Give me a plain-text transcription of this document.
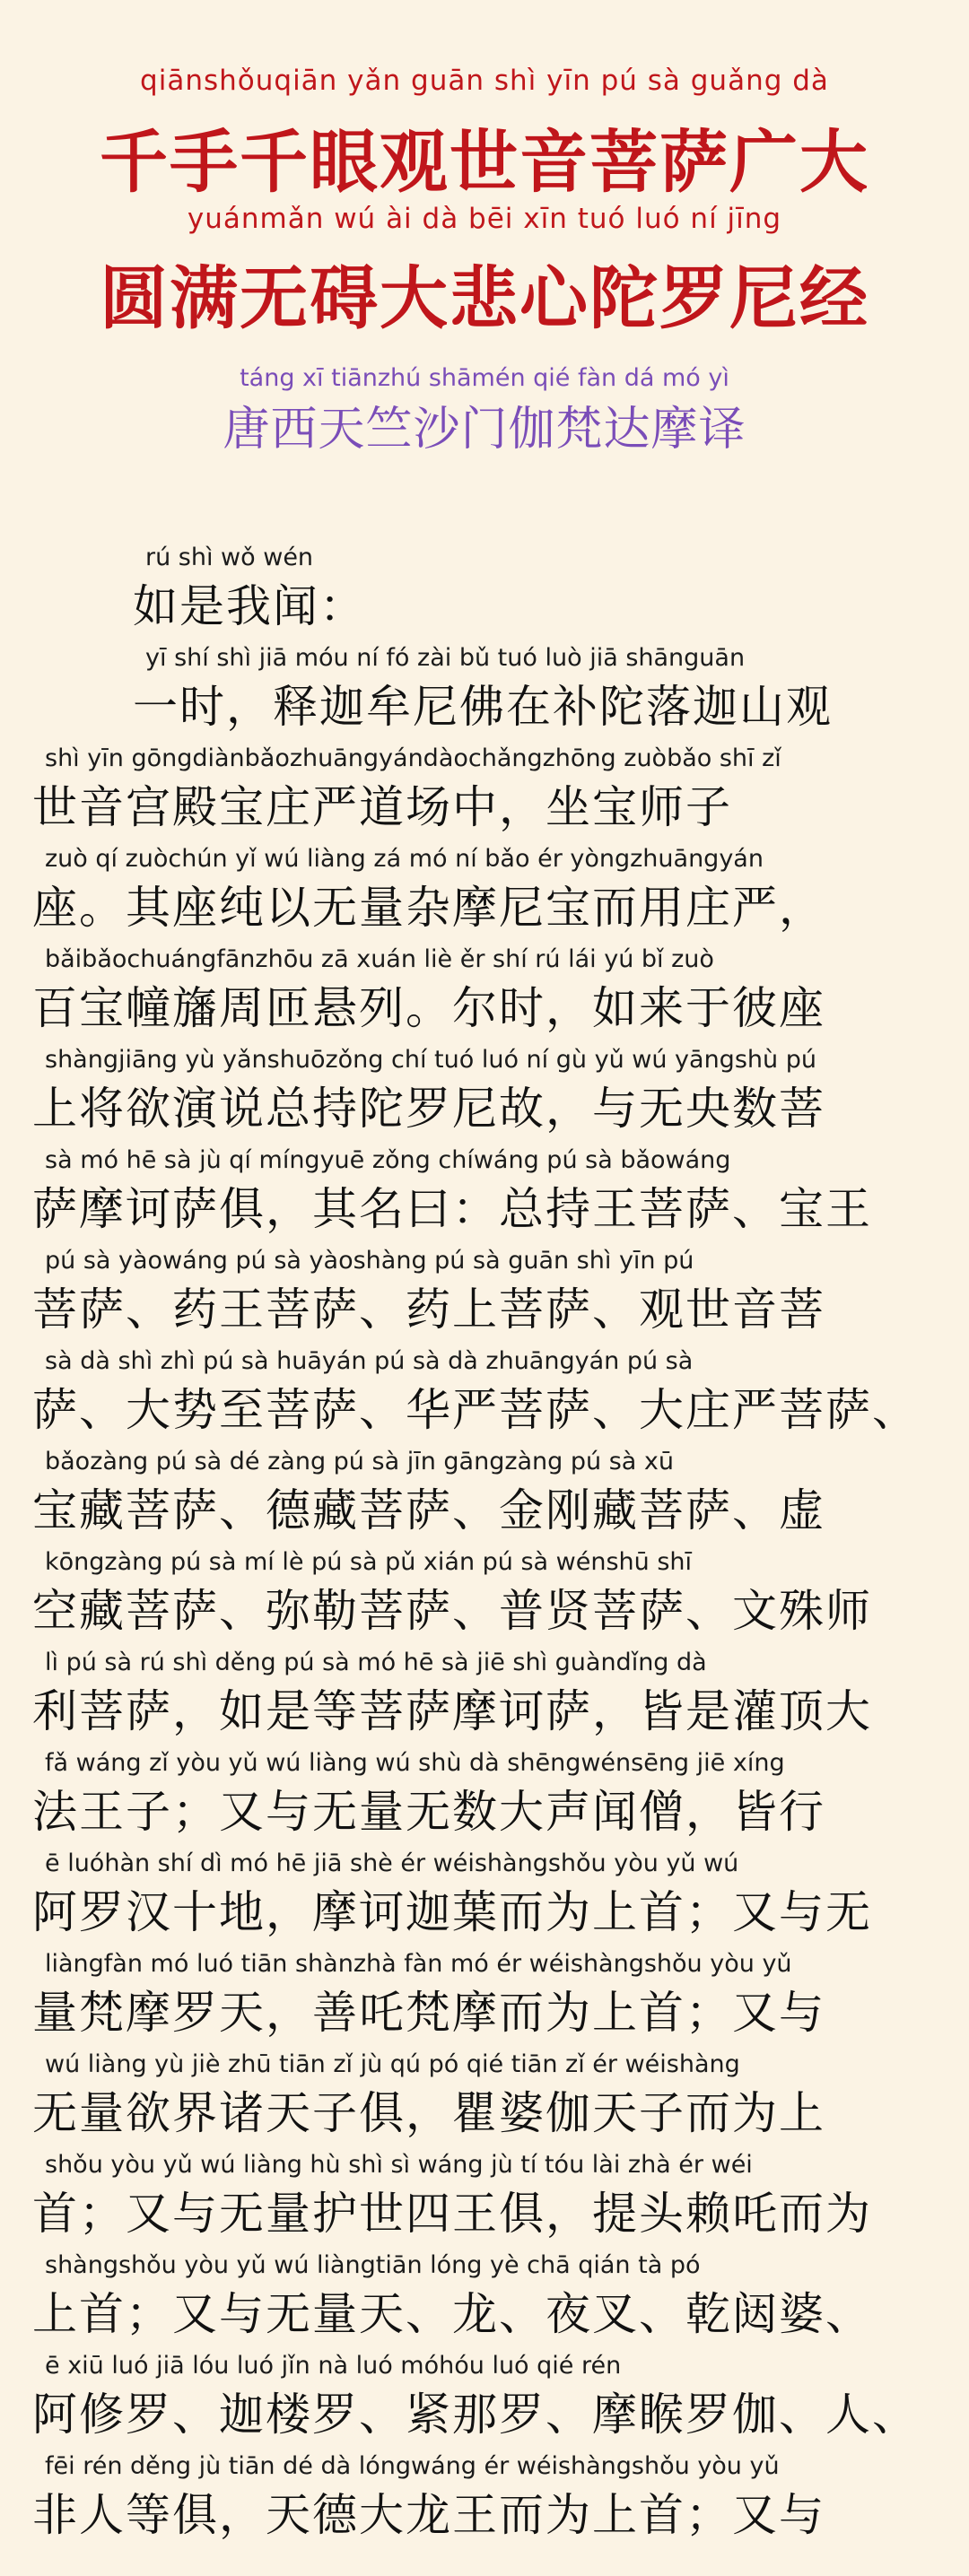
qiānshǒuqiān yǎn guān shì yīn pú sà guǎng dà
千手千眼观世音菩萨广大
yuánmǎn wú ài dà bēi xīn tuó luó ní jīng
圆满无碍大悲心陀罗尼经
táng xī tiānzhú shāmén qié fàn dá mó yì
唐西天竺沙门伽梵达摩译
rú shì wǒ wén
如是我闻：
yī shí shì jiā móu ní fó zài bǔ tuó luò jiā shānguān
一时，释迦牟尼佛在补陀落迦山观
shì yīn gōngdiànbǎozhuāngyándàochǎngzhōng zuòbǎo shī zǐ
世音宫殿宝庄严道场中，坐宝师子
zuò qí zuòchún yǐ wú liàng zá mó ní bǎo ér yòngzhuāngyán
座。其座纯以无量杂摩尼宝而用庄严，
bǎibǎochuángfānzhōu zā xuán liè ěr shí rú lái yú bǐ zuò
百宝幢旛周匝悬列。尔时，如来于彼座
shàngjiāng yù yǎnshuōzǒng chí tuó luó ní gù yǔ wú yāngshù pú
上将欲演说总持陀罗尼故，与无央数菩
sà mó hē sà jù qí míngyuē zǒng chíwáng pú sà bǎowáng
萨摩诃萨俱，其名曰：总持王菩萨、宝王
pú sà yàowáng pú sà yàoshàng pú sà guān shì yīn pú
菩萨、药王菩萨、药上菩萨、观世音菩
sà dà shì zhì pú sà huāyán pú sà dà zhuāngyán pú sà
萨、大势至菩萨、华严菩萨、大庄严菩萨、
bǎozàng pú sà dé zàng pú sà jīn gāngzàng pú sà xū
宝藏菩萨、德藏菩萨、金刚藏菩萨、虚
kōngzàng pú sà mí lè pú sà pǔ xián pú sà wénshū shī
空藏菩萨、弥勒菩萨、普贤菩萨、文殊师
lì pú sà rú shì děng pú sà mó hē sà jiē shì guàndǐng dà
利菩萨，如是等菩萨摩诃萨，皆是灌顶大
fǎ wáng zǐ yòu yǔ wú liàng wú shù dà shēngwénsēng jiē xíng
法王子；又与无量无数大声闻僧，皆行
ē luóhàn shí dì mó hē jiā shè ér wéishàngshǒu yòu yǔ wú
阿罗汉十地，摩诃迦葉而为上首；又与无
liàngfàn mó luó tiān shànzhà fàn mó ér wéishàngshǒu yòu yǔ
量梵摩罗天，善吒梵摩而为上首；又与
wú liàng yù jiè zhū tiān zǐ jù qú pó qié tiān zǐ ér wéishàng
无量欲界诸天子俱，瞿婆伽天子而为上
shǒu yòu yǔ wú liàng hù shì sì wáng jù tí tóu lài zhà ér wéi
首；又与无量护世四王俱，提头赖吒而为
shàngshǒu yòu yǔ wú liàngtiān lóng yè chā qián tà pó
上首；又与无量天、龙、夜叉、乾闼婆、
ē xiū luó jiā lóu luó jǐn nà luó móhóu luó qié rén
阿修罗、迦楼罗、紧那罗、摩睺罗伽、人、
fēi rén děng jù tiān dé dà lóngwáng ér wéishàngshǒu yòu yǔ
非人等俱，天德大龙王而为上首；又与
